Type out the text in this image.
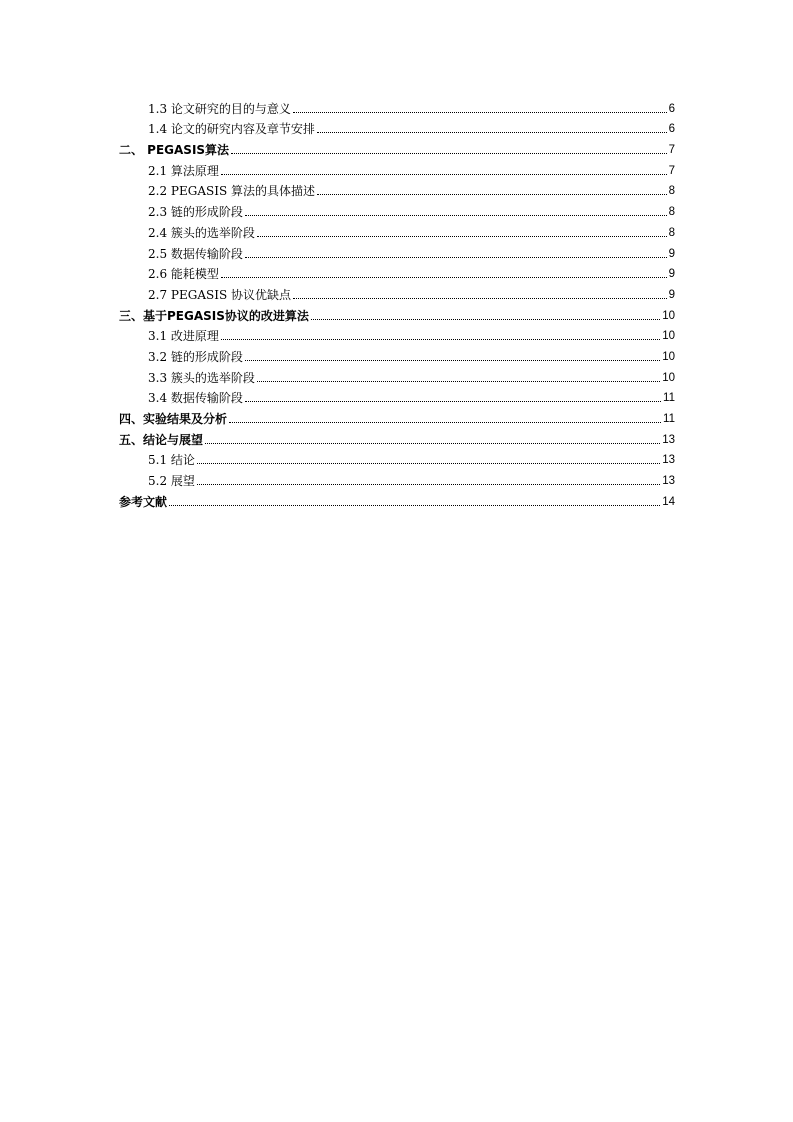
1.3 论文研究的目的与意义	6
1.4 论文的研究内容及章节安排	6
二、 PEGASIS算法	7
2.1 算法原理	7
2.2 PEGASIS 算法的具体描述	8
2.3 链的形成阶段	8
2.4 簇头的选举阶段	8
2.5 数据传输阶段	9
2.6 能耗模型	9
2.7 PEGASIS 协议优缺点	9
三、基于PEGASIS协议的改进算法	10
3.1 改进原理	10
3.2 链的形成阶段	10
3.3 簇头的选举阶段	10
3.4 数据传输阶段	11
四、实验结果及分析	11
五、结论与展望	13
5.1 结论	13
5.2 展望	13
参考文献	14
